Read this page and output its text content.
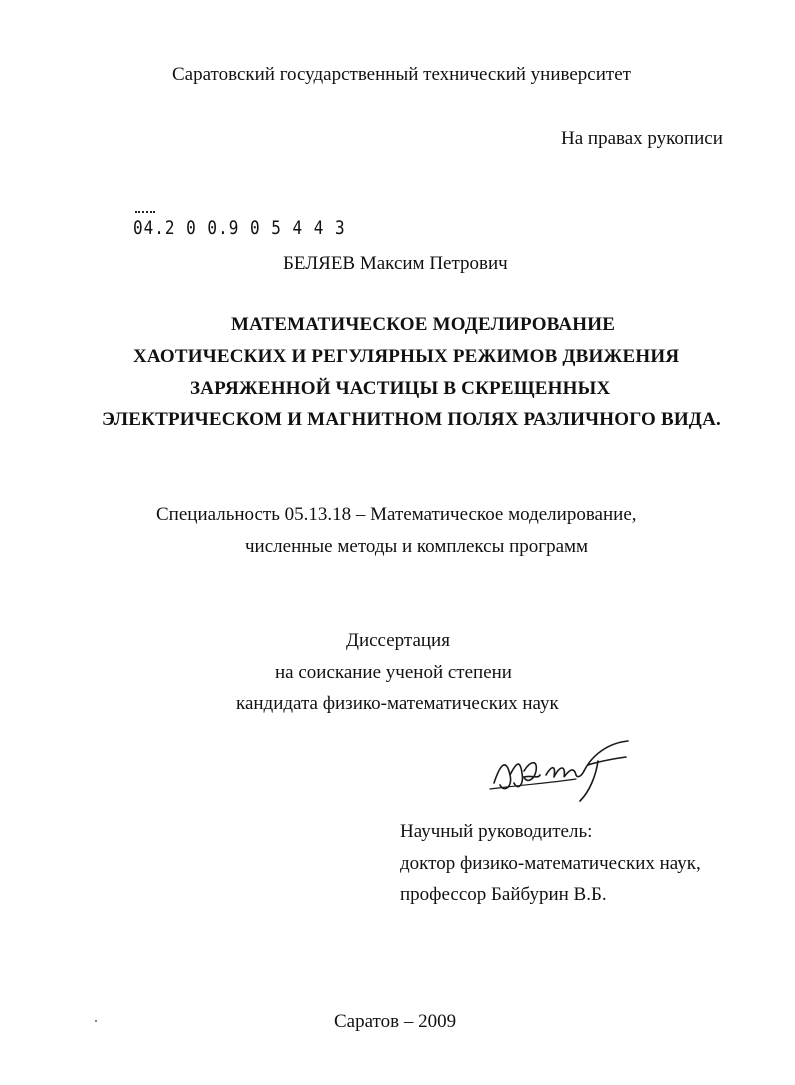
Саратовский государственный технический университет
На правах рукописи
04.2 0 0.9 0 5 4 4 3
БЕЛЯЕВ Максим Петрович
МАТЕМАТИЧЕСКОЕ МОДЕЛИРОВАНИЕ
ХАОТИЧЕСКИХ И РЕГУЛЯРНЫХ РЕЖИМОВ ДВИЖЕНИЯ
ЗАРЯЖЕННОЙ ЧАСТИЦЫ В СКРЕЩЕННЫХ
ЭЛЕКТРИЧЕСКОМ И МАГНИТНОМ ПОЛЯХ РАЗЛИЧНОГО ВИДА.
Специальность 05.13.18 – Математическое моделирование,
численные методы и комплексы программ
Диссертация
на соискание ученой степени
кандидата физико-математических наук
Научный руководитель:
доктор физико-математических наук,
профессор Байбурин В.Б.
Саратов – 2009
